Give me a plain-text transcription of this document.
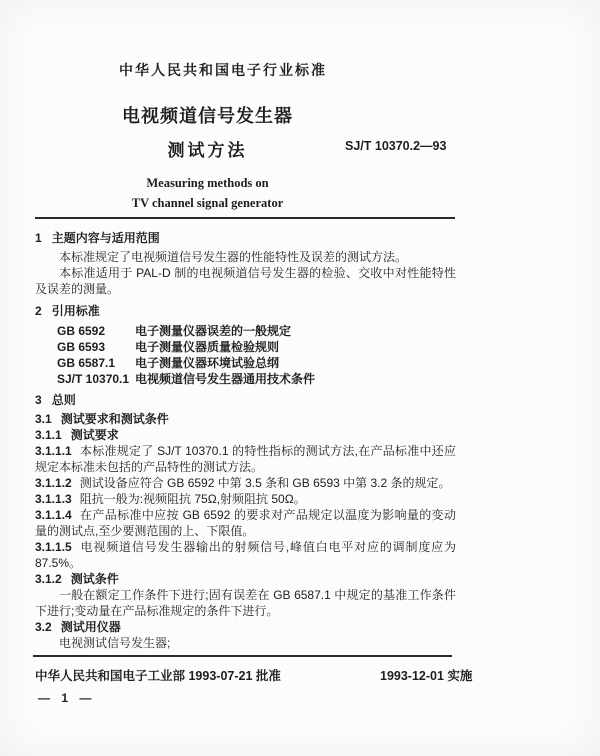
中华人民共和国电子行业标准
电视频道信号发生器
测试方法
Measuring methods on
TV channel signal generator
SJ/T 10370.2—93
1 主题内容与适用范围

本标准规定了电视频道信号发生器的性能特性及误差的测试方法。

本标准适用于 PAL-D 制的电视频道信号发生器的检验、交收中对性能特性及误差的测量。

2 引用标准
GB 6592 电子测量仪器误差的一般规定
GB 6593 电子测量仪器质量检验规则
GB 6587.1 电子测量仪器环境试验总纲
SJ/T 10370.1 电视频道信号发生器通用技术条件
3 总则
3.1 测试要求和测试条件
3.1.1 测试要求
3.1.1.1 本标准规定了 SJ/T 10370.1 的特性指标的测试方法,在产品标准中还应规定本标准未包括的产品特性的测试方法。
3.1.1.2 测试设备应符合 GB 6592 中第 3.5 条和 GB 6593 中第 3.2 条的规定。
3.1.1.3 阻抗一般为:视频阻抗 75Ω,射频阻抗 50Ω。
3.1.1.4 在产品标准中应按 GB 6592 的要求对产品规定以温度为影响量的变动量的测试点,至少要测范围的上、下限值。
3.1.1.5 电视频道信号发生器输出的射频信号,峰值白电平对应的调制度应为 87.5%。
3.1.2 测试条件

一般在额定工作条件下进行;固有误差在 GB 6587.1 中规定的基准工作条件下进行;变动量在产品标准规定的条件下进行。

3.2 测试用仪器

电视测试信号发生器;

中华人民共和国电子工业部 1993-07-21 批准	1993-12-01 实施
— 1 —
